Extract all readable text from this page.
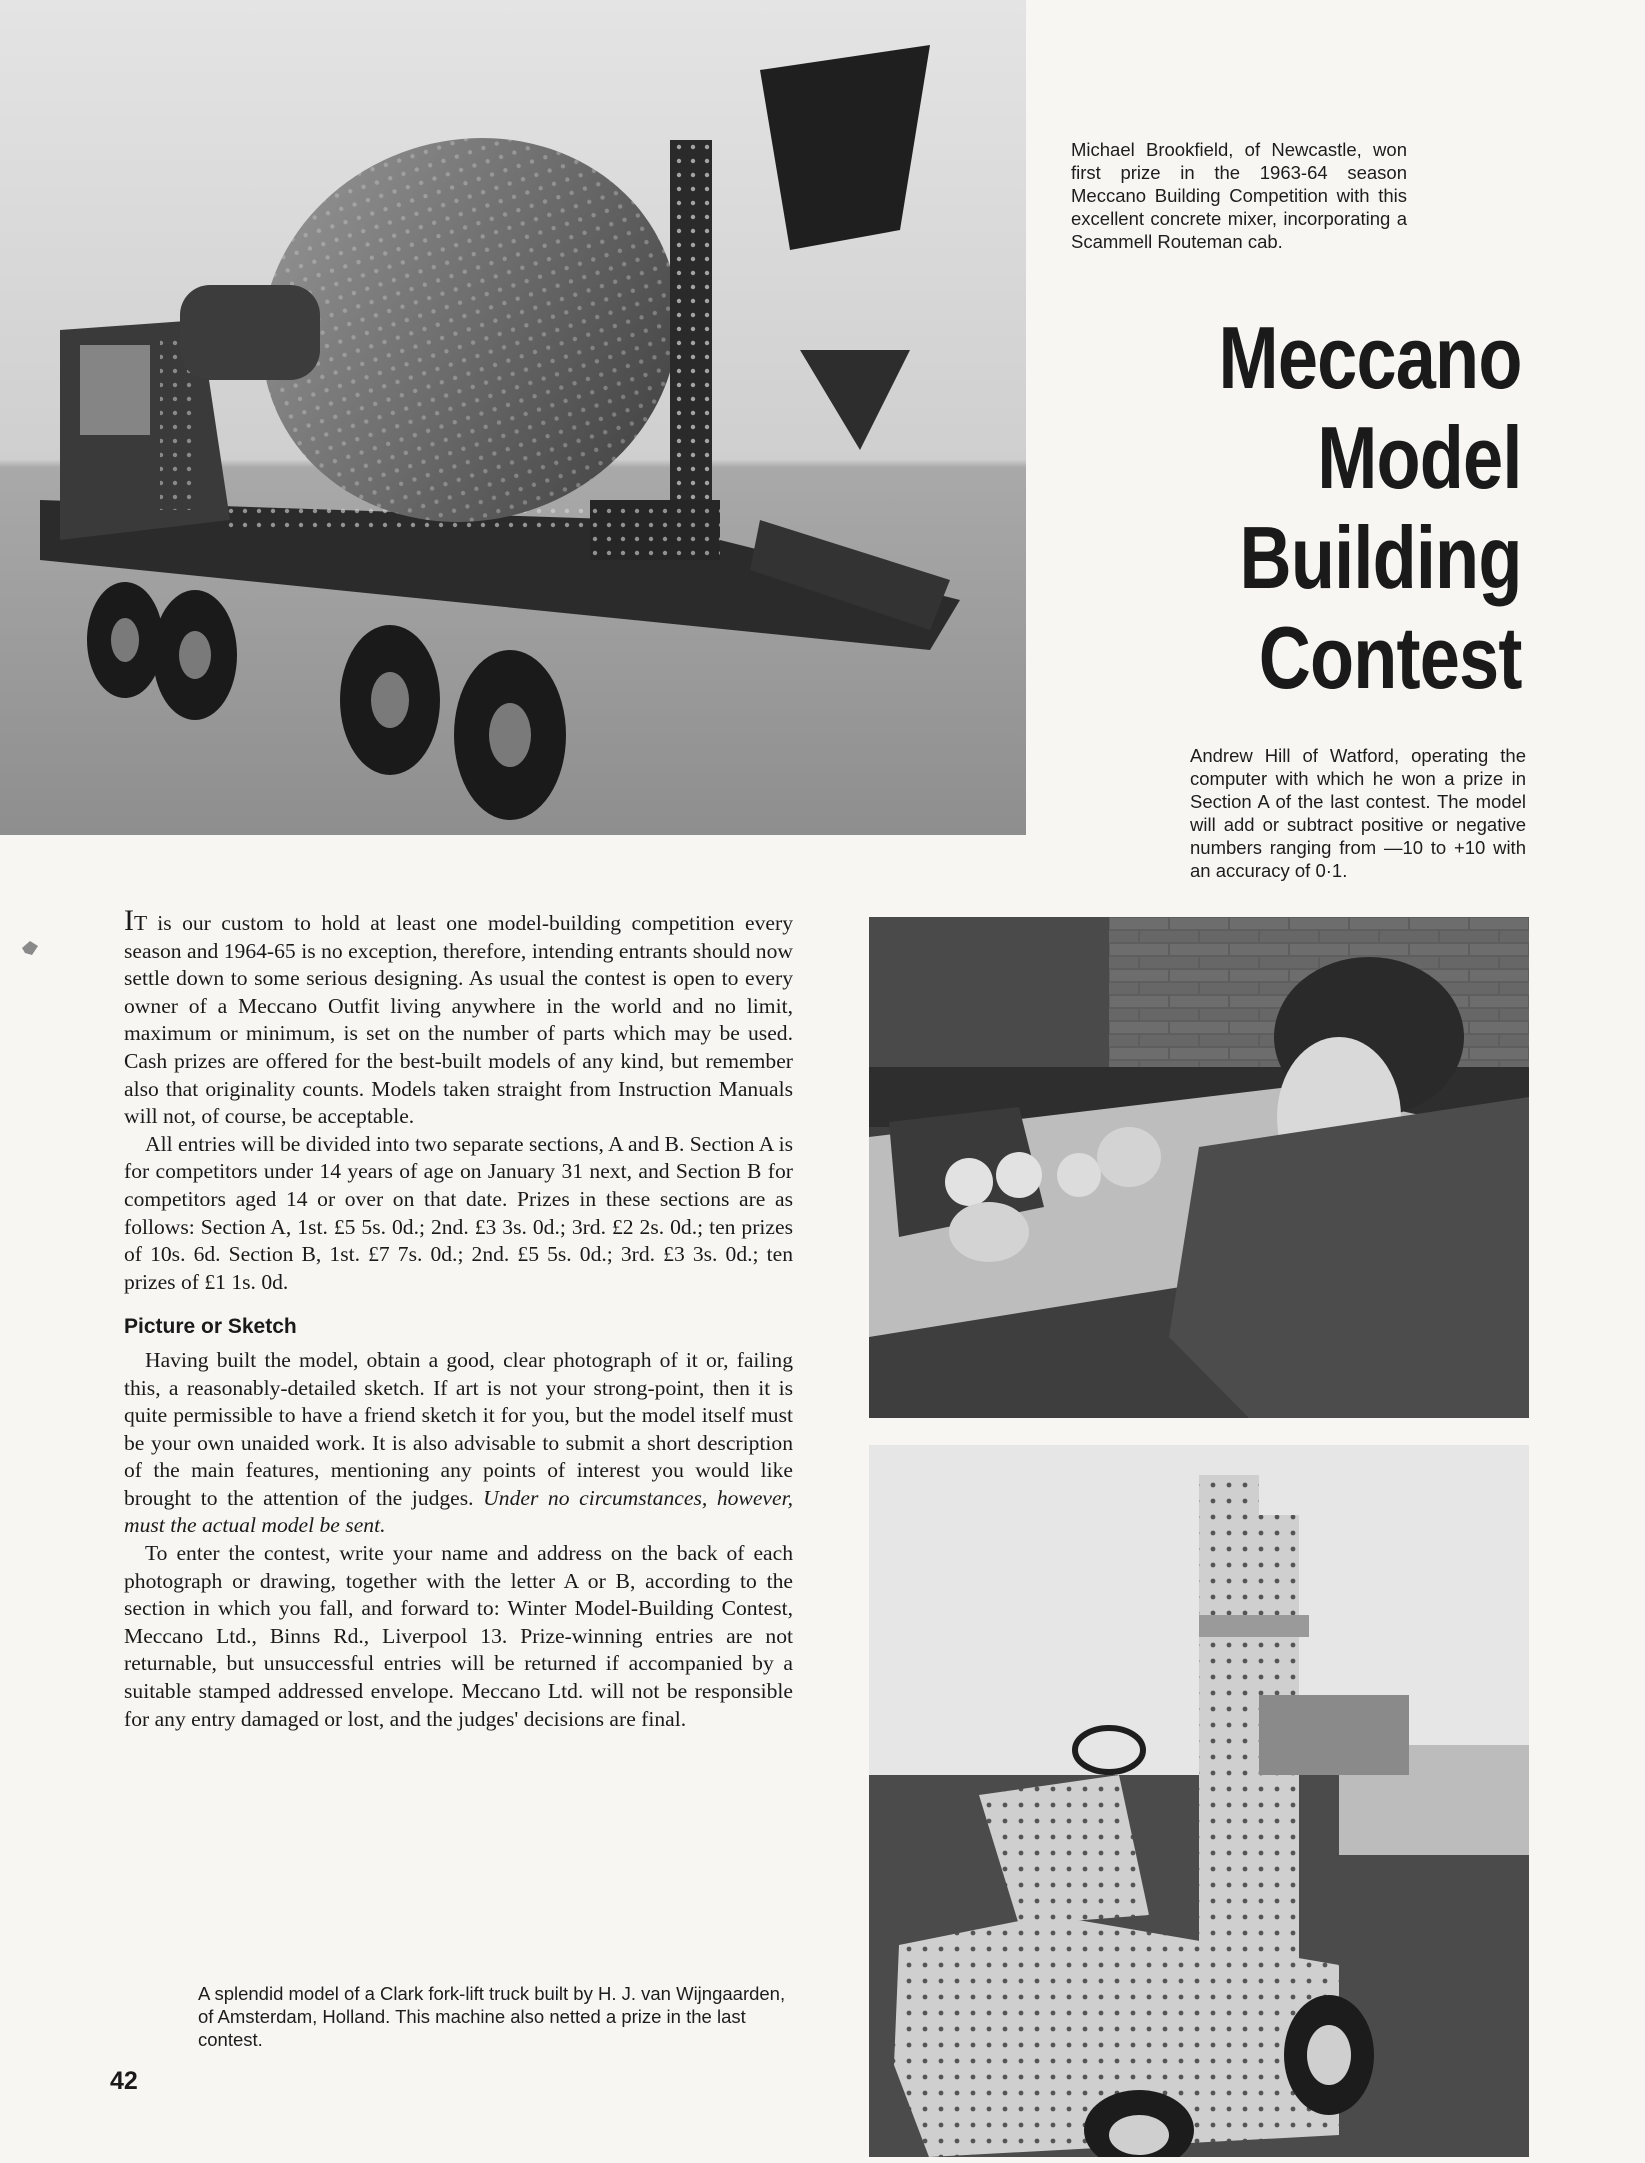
Michael Brookfield, of Newcastle, won first prize in the 1963-64 season Meccano Building Competition with this excellent concrete mixer, incorporating a Scammell Routeman cab.

Meccano
Model
Building
Contest

Andrew Hill of Watford, operating the computer with which he won a prize in Section A of the last contest. The model will add or subtract positive or negative numbers ranging from —10 to +10 with an accuracy of 0·1.

IT is our custom to hold at least one model-building competition every season and 1964-65 is no exception, therefore, intending entrants should now settle down to some serious designing. As usual the contest is open to every owner of a Meccano Outfit living anywhere in the world and no limit, maximum or minimum, is set on the number of parts which may be used. Cash prizes are offered for the best-built models of any kind, but remember also that originality counts. Models taken straight from Instruction Manuals will not, of course, be acceptable.

All entries will be divided into two separate sections, A and B. Section A is for competitors under 14 years of age on January 31 next, and Section B for competitors aged 14 or over on that date. Prizes in these sections are as follows: Section A, 1st. £5 5s. 0d.; 2nd. £3 3s. 0d.; 3rd. £2 2s. 0d.; ten prizes of 10s. 6d. Section B, 1st. £7 7s. 0d.; 2nd. £5 5s. 0d.; 3rd. £3 3s. 0d.; ten prizes of £1 1s. 0d.

Picture or Sketch

Having built the model, obtain a good, clear photograph of it or, failing this, a reasonably-detailed sketch. If art is not your strong-point, then it is quite permissible to have a friend sketch it for you, but the model itself must be your own unaided work. It is also advisable to submit a short description of the main features, mentioning any points of interest you would like brought to the attention of the judges. Under no circumstances, however, must the actual model be sent.

To enter the contest, write your name and address on the back of each photograph or drawing, together with the letter A or B, according to the section in which you fall, and forward to: Winter Model-Building Contest, Meccano Ltd., Binns Rd., Liverpool 13. Prize-winning entries are not returnable, but unsuccessful entries will be returned if accompanied by a suitable stamped addressed envelope. Meccano Ltd. will not be responsible for any entry damaged or lost, and the judges' decisions are final.

A splendid model of a Clark fork-lift truck built by H. J. van Wijngaarden, of Amsterdam, Holland. This machine also netted a prize in the last contest.

42
